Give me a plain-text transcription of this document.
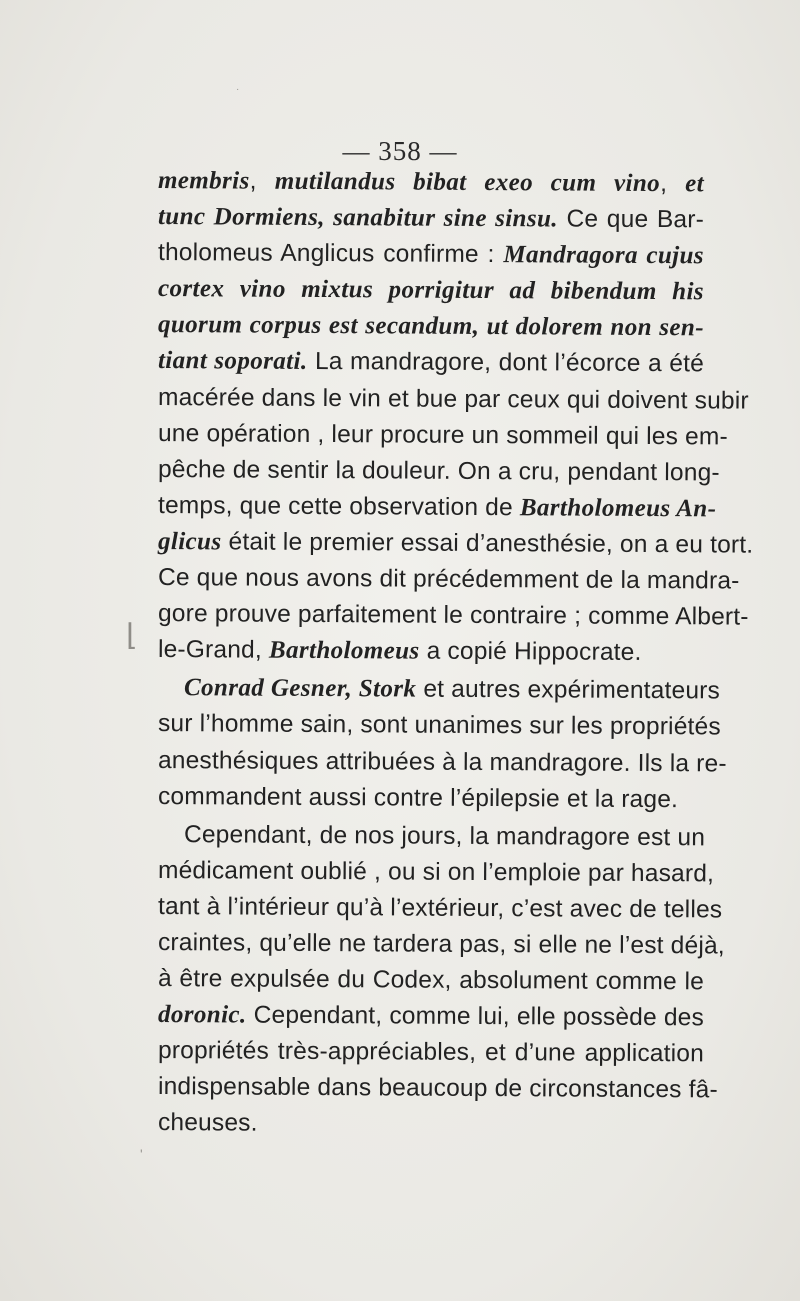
— 358 —
membris, mutilandus bibat exeo cum vino, et
tunc Dormiens, sanabitur sine sinsu. Ce que Bar-
tholomeus Anglicus confirme : Mandragora cujus
cortex vino mixtus porrigitur ad bibendum his
quorum corpus est secandum, ut dolorem non sen-
tiant soporati. La mandragore, dont l’écorce a été
macérée dans le vin et bue par ceux qui doivent subir
une opération , leur procure un sommeil qui les em-
pêche de sentir la douleur. On a cru, pendant long-
temps, que cette observation de Bartholomeus An-
glicus était le premier essai d’anesthésie, on a eu tort.
Ce que nous avons dit précédemment de la mandra-
gore prouve parfaitement le contraire ; comme Albert-
le-Grand, Bartholomeus a copié Hippocrate.
Conrad Gesner, Stork et autres expérimentateurs
sur l’homme sain, sont unanimes sur les propriétés
anesthésiques attribuées à la mandragore. Ils la re-
commandent aussi contre l’épilepsie et la rage.
Cependant, de nos jours, la mandragore est un
médicament oublié , ou si on l’emploie par hasard,
tant à l’intérieur qu’à l’extérieur, c’est avec de telles
craintes, qu’elle ne tardera pas, si elle ne l’est déjà,
à être expulsée du Codex, absolument comme le
doronic. Cependant, comme lui, elle possède des
propriétés très-appréciables, et d’une application
indispensable dans beaucoup de circonstances fâ-
cheuses.
·
⌊
'
